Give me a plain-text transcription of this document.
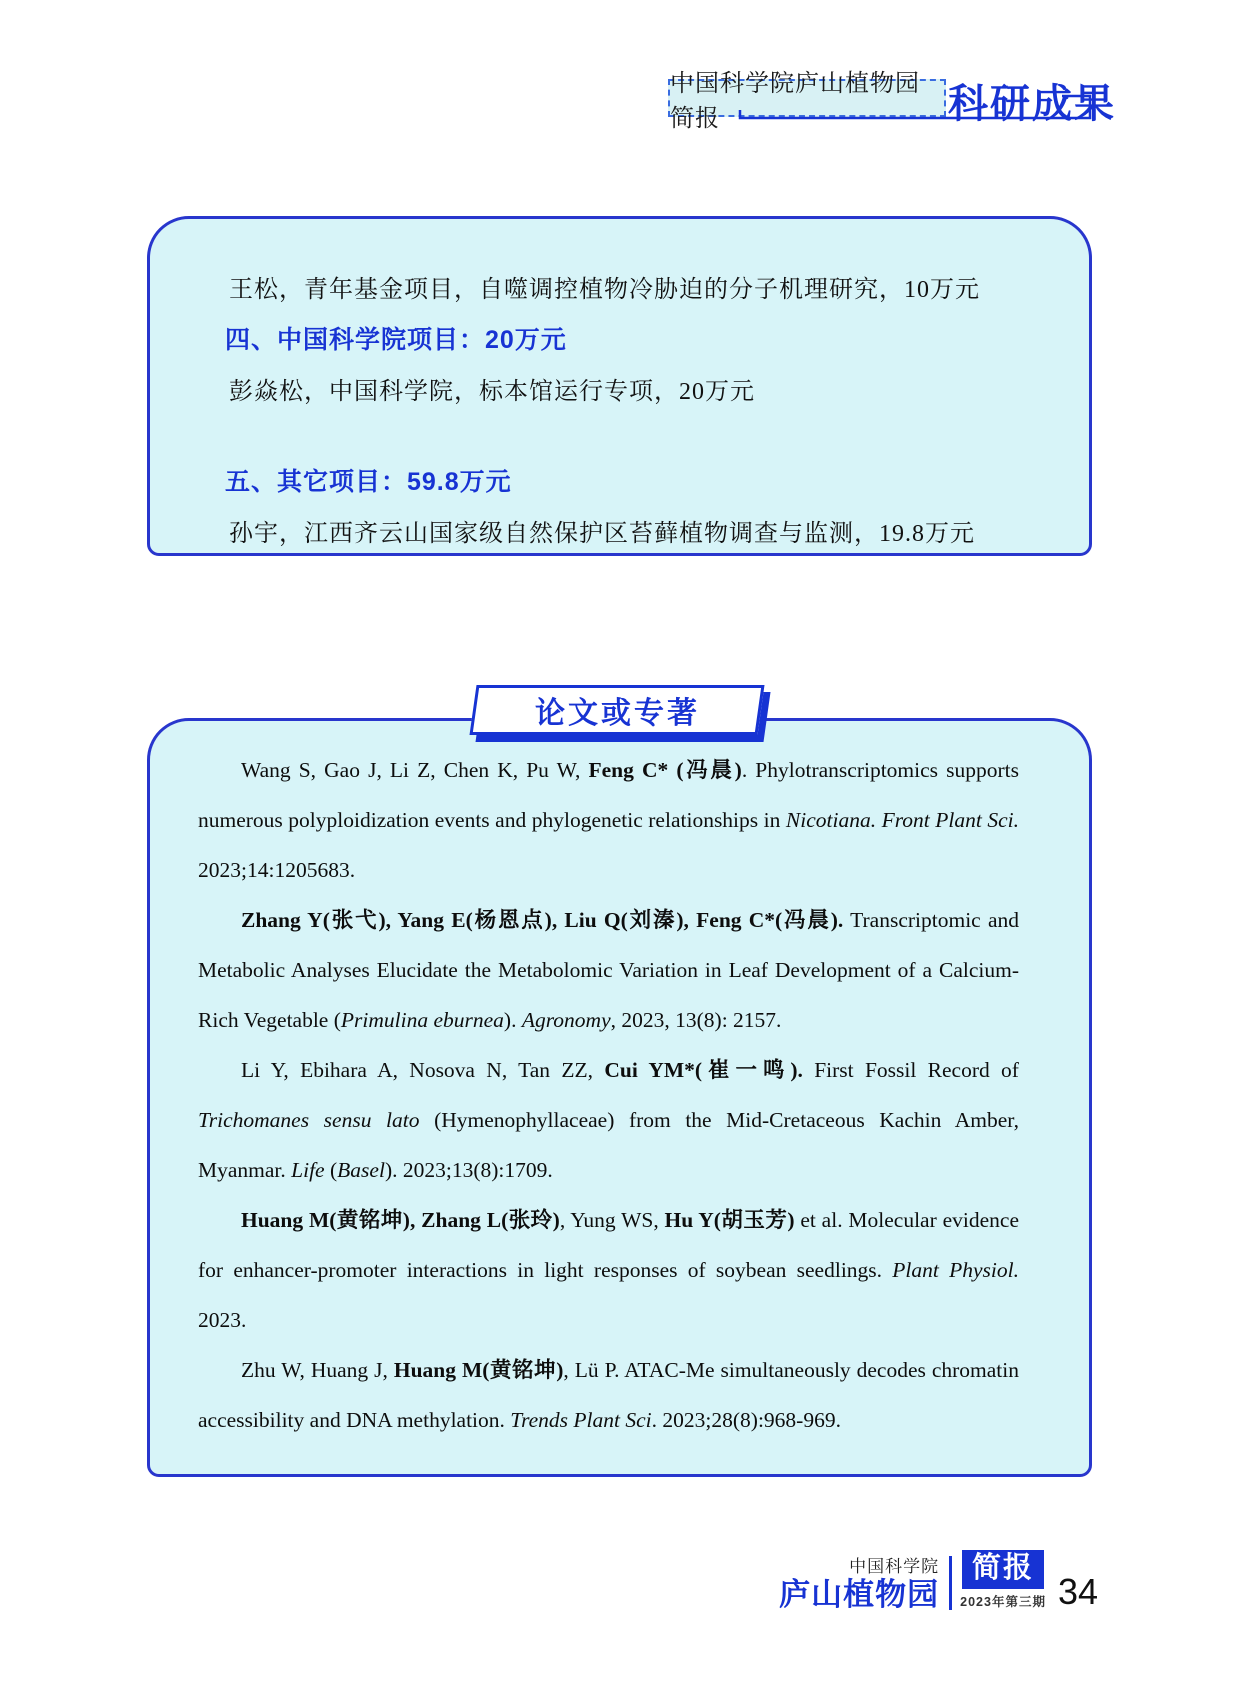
中国科学院庐山植物园简报	科研成果
王松，青年基金项目，自噬调控植物冷胁迫的分子机理研究，10万元
四、中国科学院项目：20万元
彭焱松，中国科学院，标本馆运行专项，20万元
五、其它项目：59.8万元
孙宇，江西齐云山国家级自然保护区苔藓植物调查与监测，19.8万元
论文或专著

Wang S, Gao J, Li Z, Chen K, Pu W, Feng C* (冯晨). Phylotranscriptomics supports numerous polyploidization events and phylogenetic relationships in Nicotiana. Front Plant Sci. 2023;14:1205683.

Zhang Y(张弋), Yang E(杨恩点), Liu Q(刘溱), Feng C*(冯晨). Transcriptomic and Metabolic Analyses Elucidate the Metabolomic Variation in Leaf Development of a Calcium-Rich Vegetable (Primulina eburnea). Agronomy, 2023, 13(8): 2157.

Li Y, Ebihara A, Nosova N, Tan ZZ, Cui YM*(崔一鸣). First Fossil Record of Trichomanes sensu lato (Hymenophyllaceae) from the Mid-Cretaceous Kachin Amber, Myanmar. Life (Basel). 2023;13(8):1709.

Huang M(黄铭坤), Zhang L(张玲), Yung WS, Hu Y(胡玉芳) et al. Molecular evidence for enhancer-promoter interactions in light responses of soybean seedlings. Plant Physiol. 2023.

Zhu W, Huang J, Huang M(黄铭坤), Lü P. ATAC-Me simultaneously decodes chromatin accessibility and DNA methylation. Trends Plant Sci. 2023;28(8):968-969.

中国科学院
庐山植物园
简报
2023年第三期 34
